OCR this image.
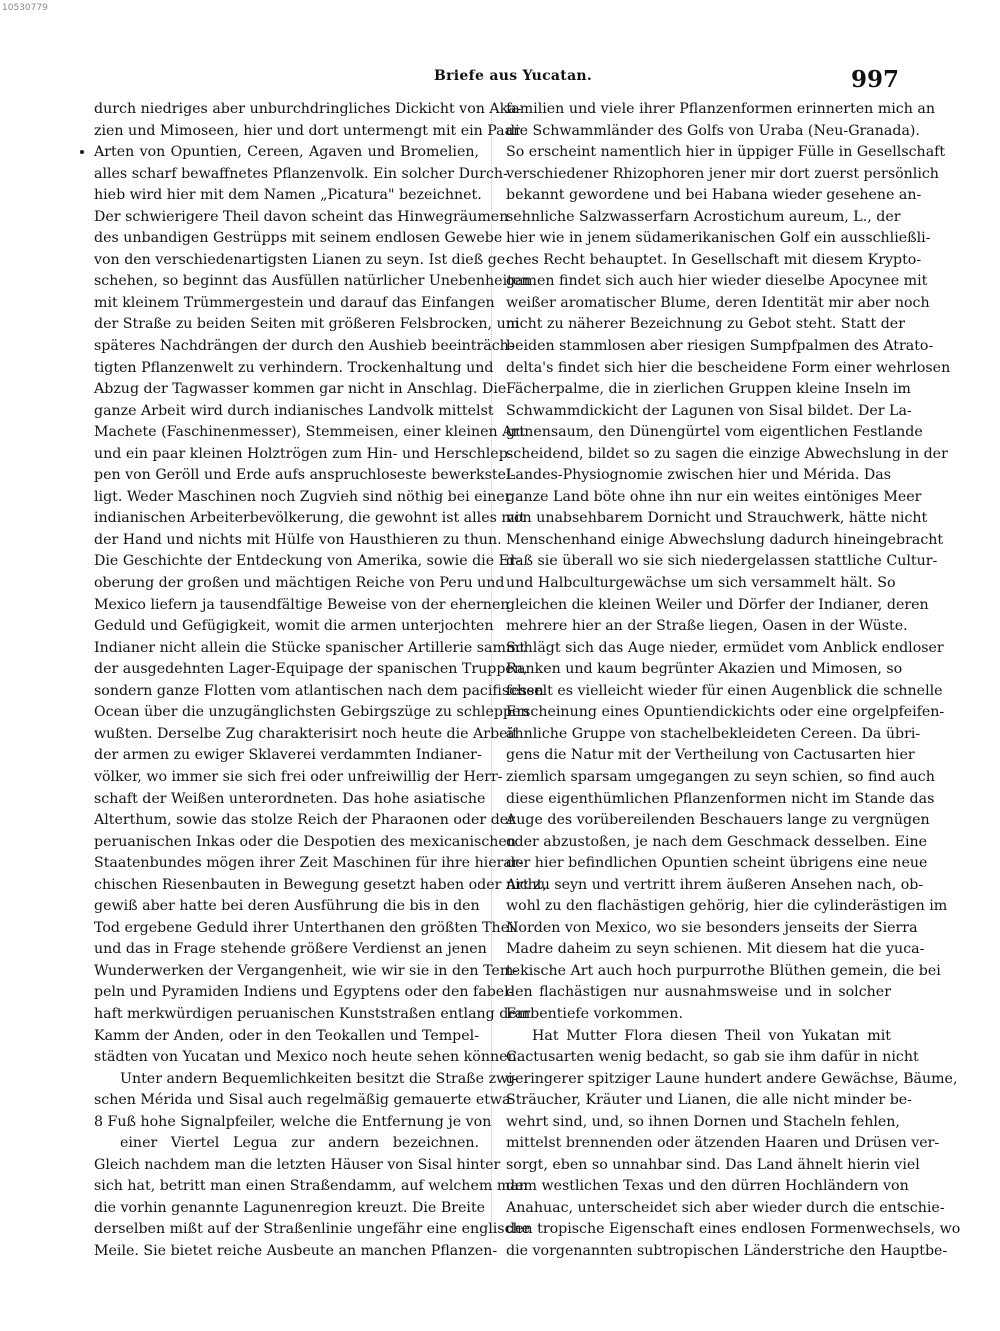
10530779
Briefe aus Yucatan.	997
durch niedriges aber unburchdringliches Dickicht von Aka-
zien und Mimoseen, hier und dort untermengt mit ein Paar
Arten von Opuntien, Cereen, Agaven und Bromelien,
alles scharf bewaffnetes Pflanzenvolk. Ein solcher Durch-
hieb wird hier mit dem Namen „Picatura" bezeichnet.
Der schwierigere Theil davon scheint das Hinwegräumen
des unbandigen Gestrüpps mit seinem endlosen Gewebe
von den verschiedenartigsten Lianen zu seyn. Ist dieß ge-
schehen, so beginnt das Ausfüllen natürlicher Unebenheiten
mit kleinem Trümmergestein und darauf das Einfangen
der Straße zu beiden Seiten mit größeren Felsbrocken, um
späteres Nachdrängen der durch den Aushieb beeinträch-
tigten Pflanzenwelt zu verhindern. Trockenhaltung und
Abzug der Tagwasser kommen gar nicht in Anschlag. Die
ganze Arbeit wird durch indianisches Landvolk mittelst
Machete (Faschinenmesser), Stemmeisen, einer kleinen Art
und ein paar kleinen Holztrögen zum Hin- und Herschlep-
pen von Geröll und Erde aufs anspruchloseste bewerkstel-
ligt. Weder Maschinen noch Zugvieh sind nöthig bei einer
indianischen Arbeiterbevölkerung, die gewohnt ist alles mit
der Hand und nichts mit Hülfe von Hausthieren zu thun.
Die Geschichte der Entdeckung von Amerika, sowie die Er-
oberung der großen und mächtigen Reiche von Peru und
Mexico liefern ja tausendfältige Beweise von der ehernen
Geduld und Gefügigkeit, womit die armen unterjochten
Indianer nicht allein die Stücke spanischer Artillerie sammt
der ausgedehnten Lager-Equipage der spanischen Truppen,
sondern ganze Flotten vom atlantischen nach dem pacifischen
Ocean über die unzugänglichsten Gebirgszüge zu schleppen
wußten. Derselbe Zug charakterisirt noch heute die Arbeit
der armen zu ewiger Sklaverei verdammten Indianer-
völker, wo immer sie sich frei oder unfreiwillig der Herr-
schaft der Weißen unterordneten. Das hohe asiatische
Alterthum, sowie das stolze Reich der Pharaonen oder der
peruanischen Inkas oder die Despotien des mexicanischen
Staatenbundes mögen ihrer Zeit Maschinen für ihre hierar-
chischen Riesenbauten in Bewegung gesetzt haben oder nicht,
gewiß aber hatte bei deren Ausführung die bis in den
Tod ergebene Geduld ihrer Unterthanen den größten Theil
und das in Frage stehende größere Verdienst an jenen
Wunderwerken der Vergangenheit, wie wir sie in den Tem-
peln und Pyramiden Indiens und Egyptens oder den fabel-
haft merkwürdigen peruanischen Kunststraßen entlang dem
Kamm der Anden, oder in den Teokallen und Tempel-
städten von Yucatan und Mexico noch heute sehen können.
Unter andern Bequemlichkeiten besitzt die Straße zwi-
schen Mérida und Sisal auch regelmäßig gemauerte etwa
8 Fuß hohe Signalpfeiler, welche die Entfernung je von
einer Viertel Legua zur andern bezeichnen.
Gleich nachdem man die letzten Häuser von Sisal hinter
sich hat, betritt man einen Straßendamm, auf welchem man
die vorhin genannte Lagunenregion kreuzt. Die Breite
derselben mißt auf der Straßenlinie ungefähr eine englische
Meile. Sie bietet reiche Ausbeute an manchen Pflanzen-
familien und viele ihrer Pflanzenformen erinnerten mich an
die Schwammländer des Golfs von Uraba (Neu-Granada).
So erscheint namentlich hier in üppiger Fülle in Gesellschaft
verschiedener Rhizophoren jener mir dort zuerst persönlich
bekannt gewordene und bei Habana wieder gesehene an-
sehnliche Salzwasserfarn Acrostichum aureum, L., der
hier wie in jenem südamerikanischen Golf ein ausschließli-
ches Recht behauptet. In Gesellschaft mit diesem Krypto-
gamen findet sich auch hier wieder dieselbe Apocynee mit
weißer aromatischer Blume, deren Identität mir aber noch
nicht zu näherer Bezeichnung zu Gebot steht. Statt der
beiden stammlosen aber riesigen Sumpfpalmen des Atrato-
delta's findet sich hier die bescheidene Form einer wehrlosen
Fächerpalme, die in zierlichen Gruppen kleine Inseln im
Schwammdickicht der Lagunen von Sisal bildet. Der La-
gunensaum, den Dünengürtel vom eigentlichen Festlande
scheidend, bildet so zu sagen die einzige Abwechslung in der
Landes-Physiognomie zwischen hier und Mérida. Das
ganze Land böte ohne ihn nur ein weites eintöniges Meer
von unabsehbarem Dornicht und Strauchwerk, hätte nicht
Menschenhand einige Abwechslung dadurch hineingebracht
daß sie überall wo sie sich niedergelassen stattliche Cultur-
und Halbculturgewächse um sich versammelt hält. So
gleichen die kleinen Weiler und Dörfer der Indianer, deren
mehrere hier an der Straße liegen, Oasen in der Wüste.
Schlägt sich das Auge nieder, ermüdet vom Anblick endloser
Ranken und kaum begrünter Akazien und Mimosen, so
fesselt es vielleicht wieder für einen Augenblick die schnelle
Erscheinung eines Opuntiendickichts oder eine orgelpfeifen-
ähnliche Gruppe von stachelbekleideten Cereen. Da übri-
gens die Natur mit der Vertheilung von Cactusarten hier
ziemlich sparsam umgegangen zu seyn schien, so find auch
diese eigenthümlichen Pflanzenformen nicht im Stande das
Auge des vorübereilenden Beschauers lange zu vergnügen
oder abzustoßen, je nach dem Geschmack desselben. Eine
der hier befindlichen Opuntien scheint übrigens eine neue
Art zu seyn und vertritt ihrem äußeren Ansehen nach, ob-
wohl zu den flachästigen gehörig, hier die cylinderästigen im
Norden von Mexico, wo sie besonders jenseits der Sierra
Madre daheim zu seyn schienen. Mit diesem hat die yuca-
tekische Art auch hoch purpurrothe Blüthen gemein, die bei
den flachästigen nur ausnahmsweise und in solcher
Farbentiefe vorkommen.
Hat Mutter Flora diesen Theil von Yukatan mit
Cactusarten wenig bedacht, so gab sie ihm dafür in nicht
geringerer spitziger Laune hundert andere Gewächse, Bäume,
Sträucher, Kräuter und Lianen, die alle nicht minder be-
wehrt sind, und, so ihnen Dornen und Stacheln fehlen,
mittelst brennenden oder ätzenden Haaren und Drüsen ver-
sorgt, eben so unnahbar sind. Das Land ähnelt hierin viel
dem westlichen Texas und den dürren Hochländern von
Anahuac, unterscheidet sich aber wieder durch die entschie-
den tropische Eigenschaft eines endlosen Formenwechsels, wo
die vorgenannten subtropischen Länderstriche den Hauptbe-
